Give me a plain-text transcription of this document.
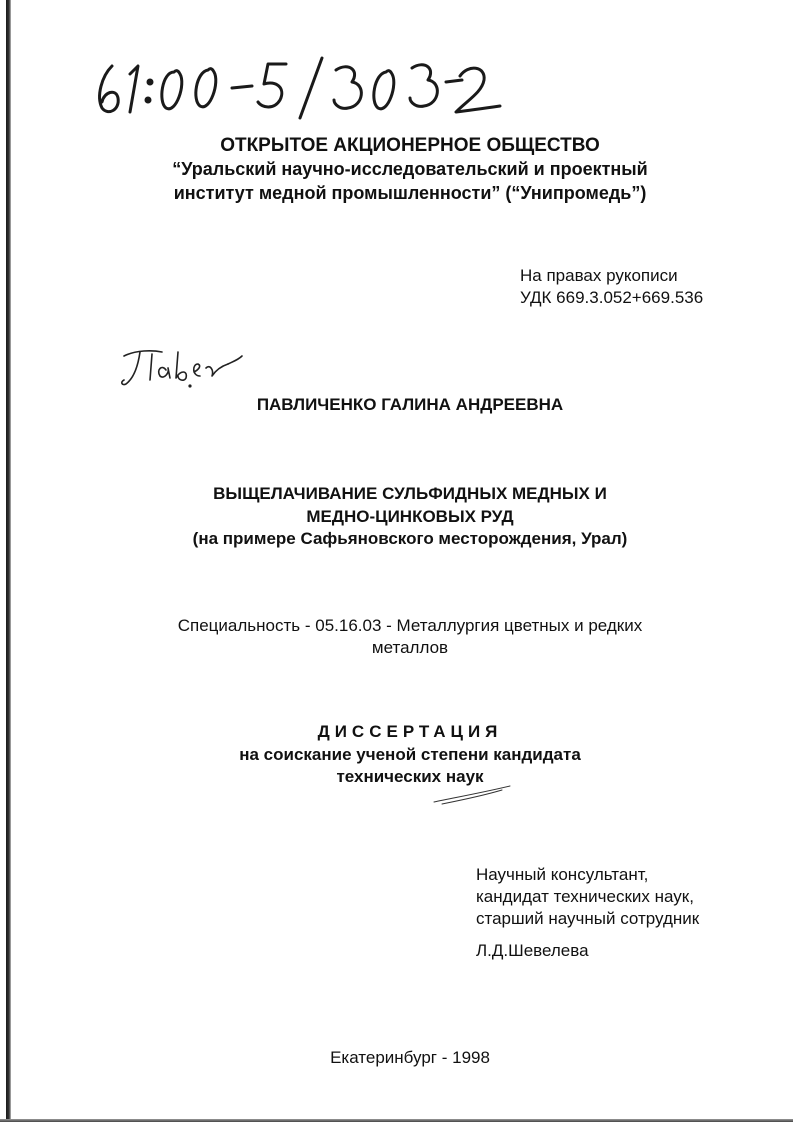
ОТКРЫТОЕ АКЦИОНЕРНОЕ ОБЩЕСТВО
“Уральский научно-исследовательский и проектный
институт медной промышленности” (“Унипромедь”)
На правах рукописи
УДК 669.3.052+669.536
ПАВЛИЧЕНКО ГАЛИНА АНДРЕЕВНА
ВЫЩЕЛАЧИВАНИЕ СУЛЬФИДНЫХ МЕДНЫХ И
МЕДНО-ЦИНКОВЫХ РУД
(на примере Сафьяновского месторождения, Урал)
Специальность - 05.16.03 - Металлургия цветных и редких
металлов
ДИССЕРТАЦИЯ
на соискание ученой степени кандидата
технических наук
Научный консультант,
кандидат технических наук,
старший научный сотрудник
Л.Д.Шевелева
Екатеринбург - 1998
